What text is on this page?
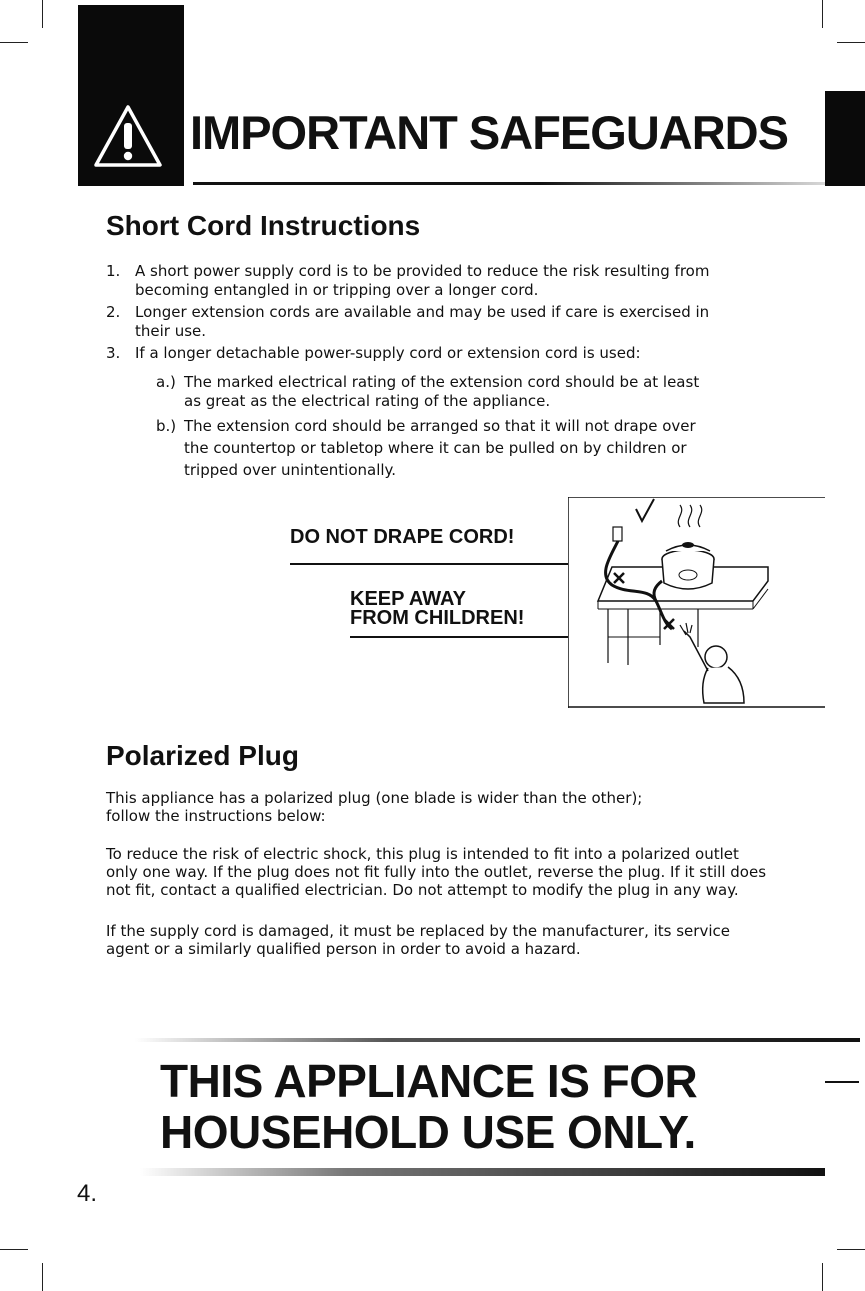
IMPORTANT SAFEGUARDS
Short Cord Instructions
1. A short power supply cord is to be provided to reduce the risk resulting from
becoming entangled in or tripping over a longer cord.
2. Longer extension cords are available and may be used if care is exercised in
their use.
3. If a longer detachable power-supply cord or extension cord is used:
a.) The marked electrical rating of the extension cord should be at least
as great as the electrical rating of the appliance.
b.) The extension cord should be arranged so that it will not drape over
the countertop or tabletop where it can be pulled on by children or
tripped over unintentionally.
DO NOT DRAPE CORD!
KEEP AWAY
FROM CHILDREN!
Polarized Plug

This appliance has a polarized plug (one blade is wider than the other);
follow the instructions below:

To reduce the risk of electric shock, this plug is intended to fit into a polarized outlet
only one way. If the plug does not fit fully into the outlet, reverse the plug. If it still does
not fit, contact a qualified electrician. Do not attempt to modify the plug in any way.

If the supply cord is damaged, it must be replaced by the manufacturer, its service
agent or a similarly qualified person in order to avoid a hazard.

THIS APPLIANCE IS FOR
HOUSEHOLD USE ONLY.
4.
